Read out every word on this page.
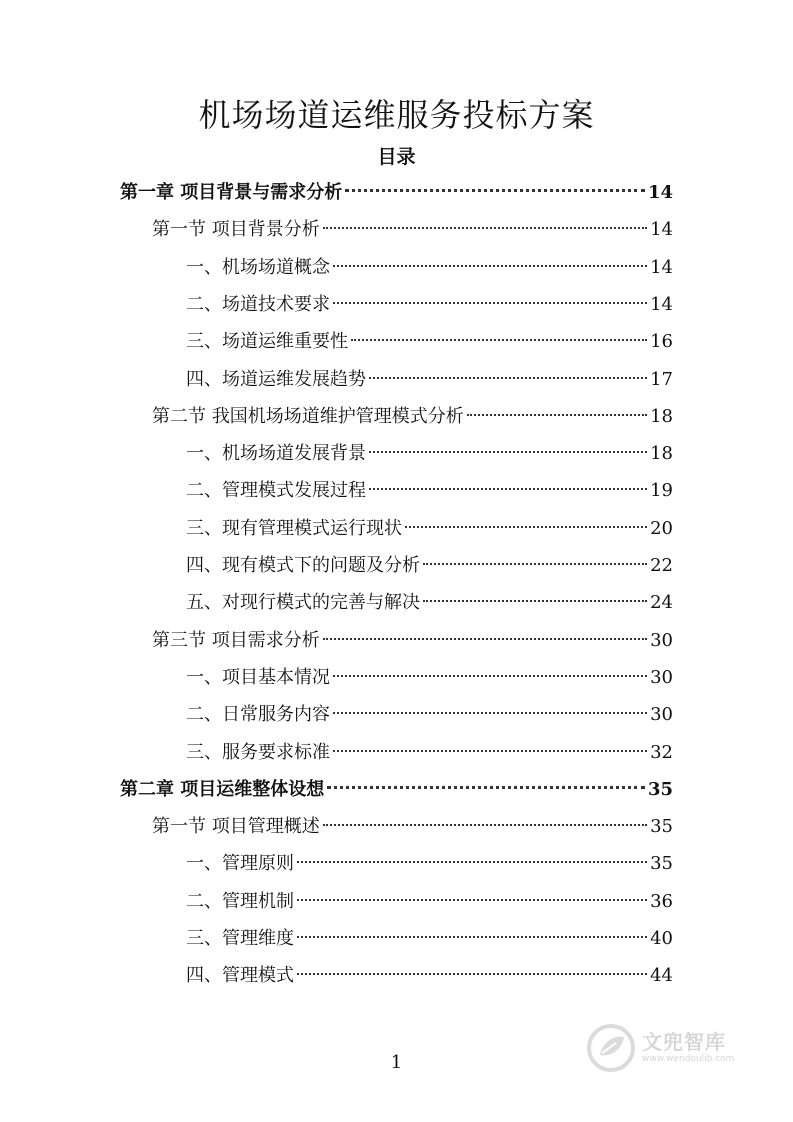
机场场道运维服务投标方案
目录
第一章 项目背景与需求分析	14
第一节 项目背景分析	14
一、机场场道概念	14
二、场道技术要求	14
三、场道运维重要性	16
四、场道运维发展趋势	17
第二节 我国机场场道维护管理模式分析	18
一、机场场道发展背景	18
二、管理模式发展过程	19
三、现有管理模式运行现状	20
四、现有模式下的问题及分析	22
五、对现行模式的完善与解决	24
第三节 项目需求分析	30
一、项目基本情况	30
二、日常服务内容	30
三、服务要求标准	32
第二章 项目运维整体设想	35
第一节 项目管理概述	35
一、管理原则	35
二、管理机制	36
三、管理维度	40
四、管理模式	44
1
文兜智库
www.wendoulib.com
